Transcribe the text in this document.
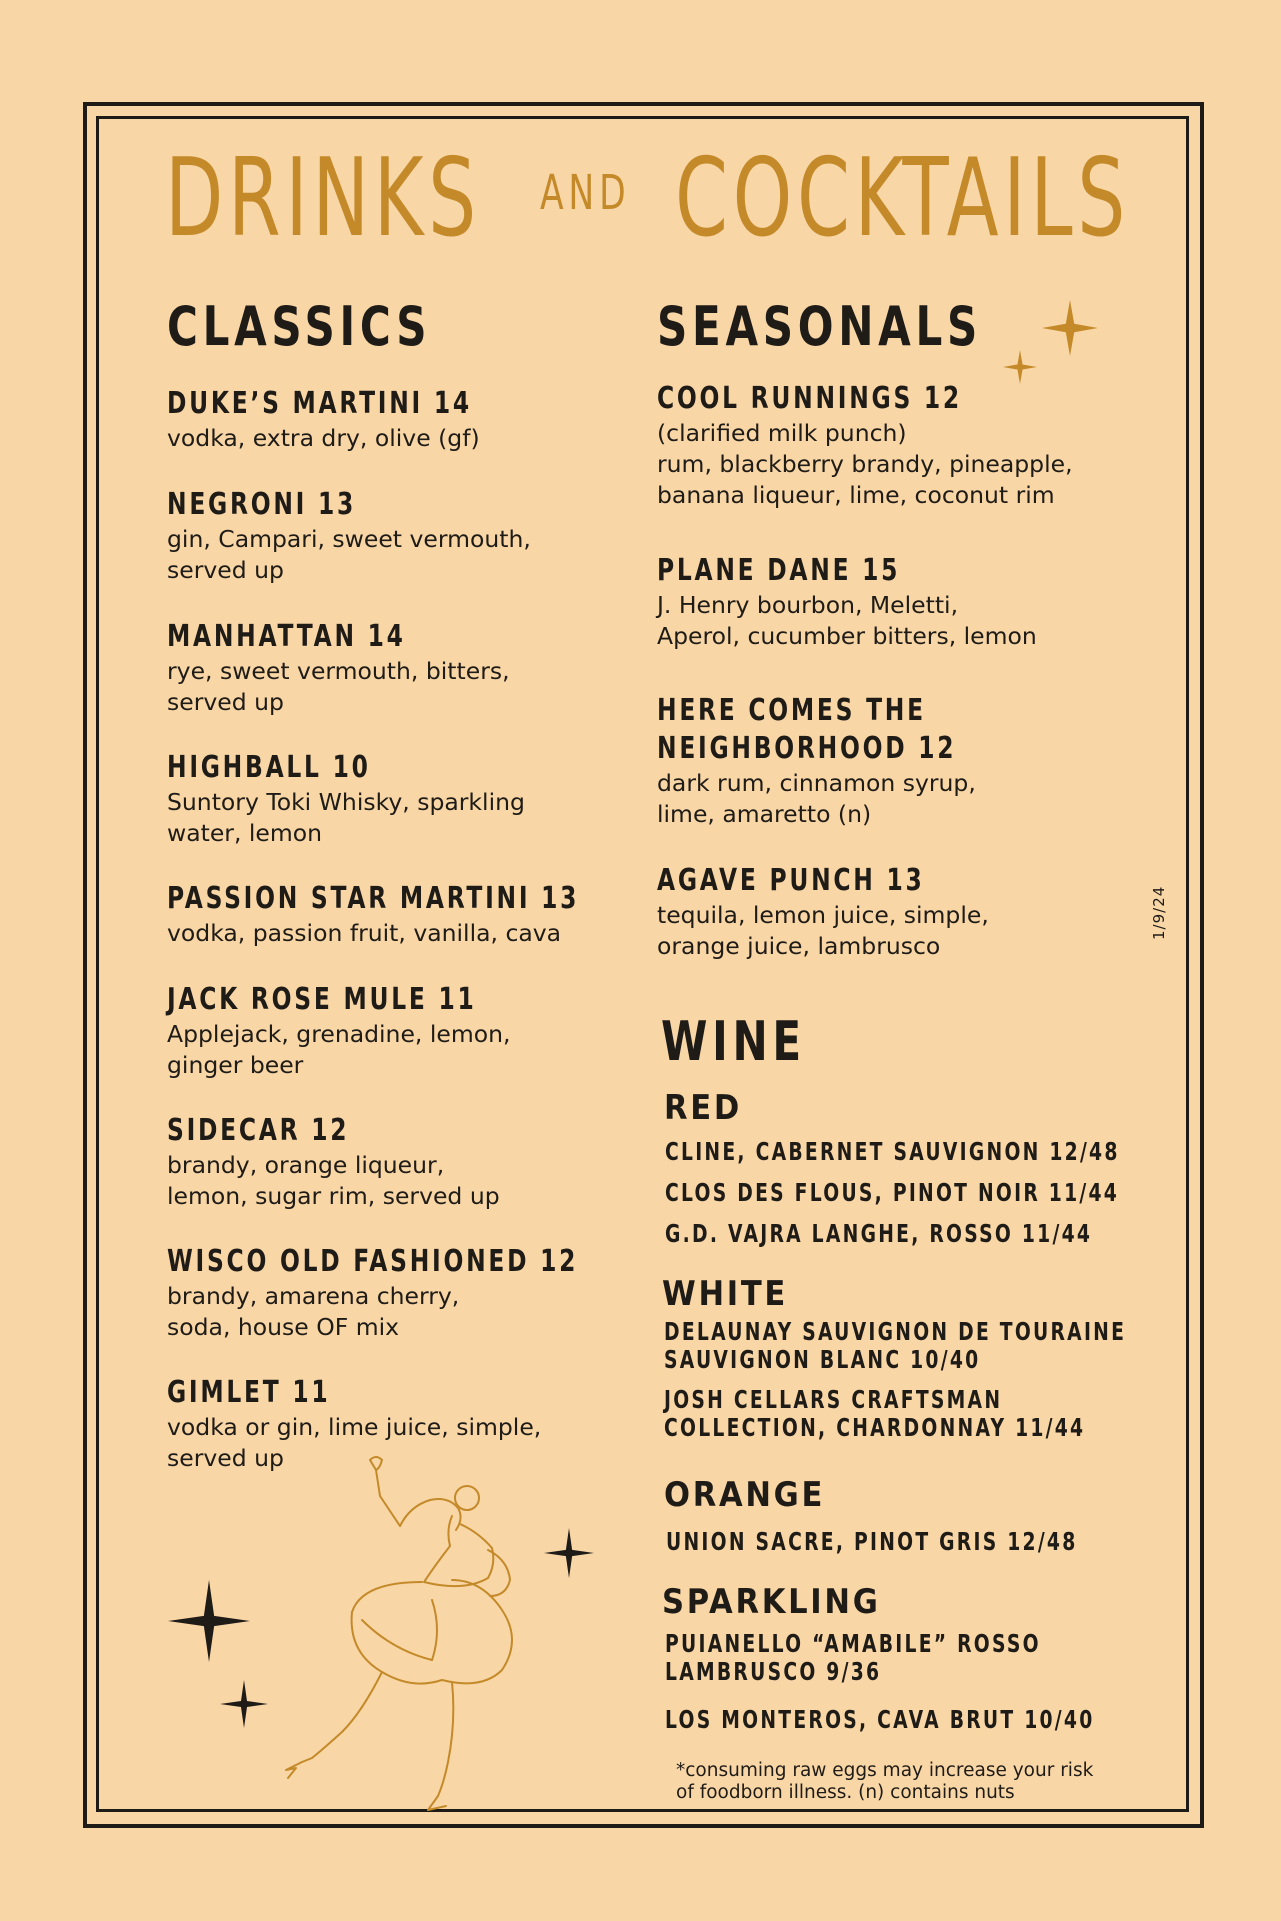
DRINKS AND COCKTAILS
CLASSICS
DUKE’S MARTINI 14
vodka, extra dry, olive (gf)
NEGRONI 13
gin, Campari, sweet vermouth,
served up
MANHATTAN 14
rye, sweet vermouth, bitters,
served up
HIGHBALL 10
Suntory Toki Whisky, sparkling
water, lemon
PASSION STAR MARTINI 13
vodka, passion fruit, vanilla, cava
JACK ROSE MULE 11
Applejack, grenadine, lemon,
ginger beer
SIDECAR 12
brandy, orange liqueur,
lemon, sugar rim, served up
WISCO OLD FASHIONED 12
brandy, amarena cherry,
soda, house OF mix
GIMLET 11
vodka or gin, lime juice, simple,
served up
SEASONALS
COOL RUNNINGS 12
(clarified milk punch)
rum, blackberry brandy, pineapple,
banana liqueur, lime, coconut rim
PLANE DANE 15
J. Henry bourbon, Meletti,
Aperol, cucumber bitters, lemon
HERE COMES THE
NEIGHBORHOOD 12
dark rum, cinnamon syrup,
lime, amaretto (n)
AGAVE PUNCH 13
tequila, lemon juice, simple,
orange juice, lambrusco
WINE
RED
CLINE, CABERNET SAUVIGNON 12/48
CLOS DES FLOUS, PINOT NOIR 11/44
G.D. VAJRA LANGHE, ROSSO 11/44
WHITE
DELAUNAY SAUVIGNON DE TOURAINE
SAUVIGNON BLANC 10/40
JOSH CELLARS CRAFTSMAN
COLLECTION, CHARDONNAY 11/44
ORANGE
UNION SACRE, PINOT GRIS 12/48
SPARKLING
PUIANELLO “AMABILE” ROSSO
LAMBRUSCO 9/36
LOS MONTEROS, CAVA BRUT 10/40
*consuming raw eggs may increase your risk
of foodborn illness. (n) contains nuts
1/9/24
